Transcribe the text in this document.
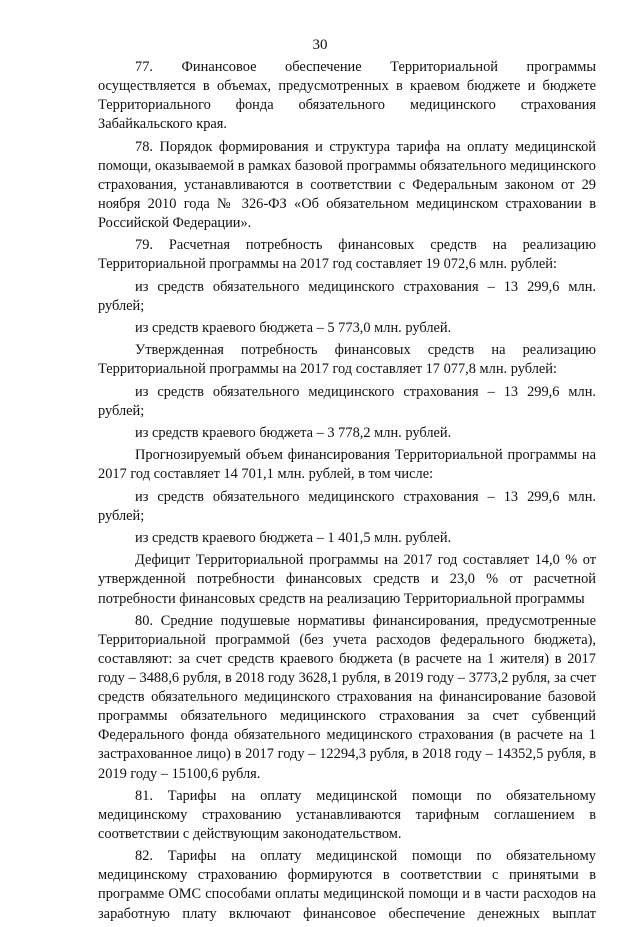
30

77. Финансовое обеспечение Территориальной программы осуществляется в объемах, предусмотренных в краевом бюджете и бюджете Территориального фонда обязательного медицинского страхования Забайкальского края.

78. Порядок формирования и структура тарифа на оплату медицинской помощи, оказываемой в рамках базовой программы обязательного медицинского страхования, устанавливаются в соответствии с Федеральным законом от 29 ноября 2010 года № 326-ФЗ «Об обязательном медицинском страховании в Российской Федерации».

79. Расчетная потребность финансовых средств на реализацию Территориальной программы на 2017 год составляет 19 072,6 млн. рублей:

из средств обязательного медицинского страхования – 13 299,6 млн. рублей;

из средств краевого бюджета – 5 773,0 млн. рублей.

Утвержденная потребность финансовых средств на реализацию Территориальной программы на 2017 год составляет 17 077,8 млн. рублей:

из средств обязательного медицинского страхования – 13 299,6 млн. рублей;

из средств краевого бюджета – 3 778,2 млн. рублей.

Прогнозируемый объем финансирования Территориальной программы на 2017 год составляет 14 701,1 млн. рублей, в том числе:

из средств обязательного медицинского страхования – 13 299,6 млн. рублей;

из средств краевого бюджета – 1 401,5 млн. рублей.

Дефицит Территориальной программы на 2017 год составляет 14,0 % от утвержденной потребности финансовых средств и 23,0 % от расчетной потребности финансовых средств на реализацию Территориальной программы

80. Средние подушевые нормативы финансирования, предусмотренные Территориальной программой (без учета расходов федерального бюджета), составляют: за счет средств краевого бюджета (в расчете на 1 жителя) в 2017 году – 3488,6 рубля, в 2018 году 3628,1 рубля, в 2019 году – 3773,2 рубля, за счет средств обязательного медицинского страхования на финансирование базовой программы обязательного медицинского страхования за счет субвенций Федерального фонда обязательного медицинского страхования (в расчете на 1 застрахованное лицо) в 2017 году – 12294,3 рубля, в 2018 году – 14352,5 рубля, в 2019 году – 15100,6 рубля.

81. Тарифы на оплату медицинской помощи по обязательному медицинскому страхованию устанавливаются тарифным соглашением в соответствии с действующим законодательством.

82. Тарифы на оплату медицинской помощи по обязательному медицинскому страхованию формируются в соответствии с принятыми в программе ОМС способами оплаты медицинской помощи и в части расходов на заработную плату включают финансовое обеспечение денежных выплат
